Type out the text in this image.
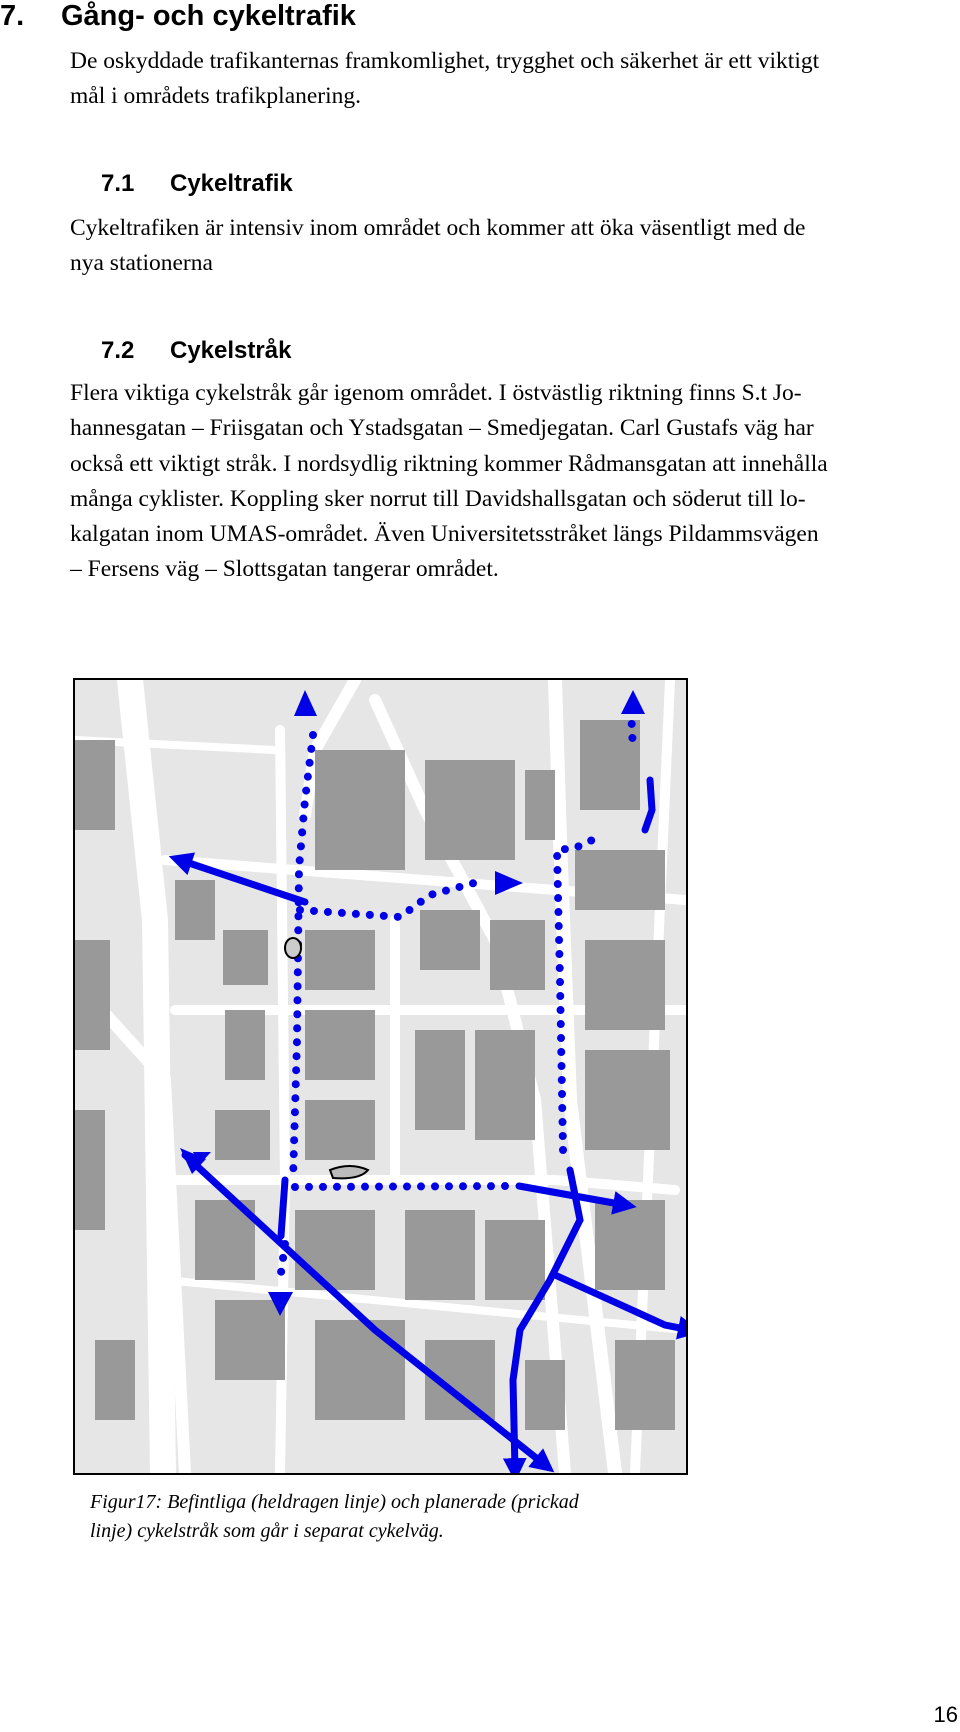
7. Gång- och cykeltrafik
De oskyddade trafikanternas framkomlighet, trygghet och säkerhet är ett viktigt
mål i områdets trafikplanering.
7.1 Cykeltrafik
Cykeltrafiken är intensiv inom området och kommer att öka väsentligt med de
nya stationerna
7.2 Cykelstråk
Flera viktiga cykelstråk går igenom området. I östvästlig riktning finns S.t Jo-
hannesgatan – Friisgatan och Ystadsgatan – Smedjegatan. Carl Gustafs väg har
också ett viktigt stråk. I nordsydlig riktning kommer Rådmansgatan att innehålla
många cyklister. Koppling sker norrut till Davidshallsgatan och söderut till lo-
kalgatan inom UMAS-området. Även Universitetsstråket längs Pildammsvägen
– Fersens väg – Slottsgatan tangerar området.
Figur17: Befintliga (heldragen linje) och planerade (prickad
linje) cykelstråk som går i separat cykelväg.
16
